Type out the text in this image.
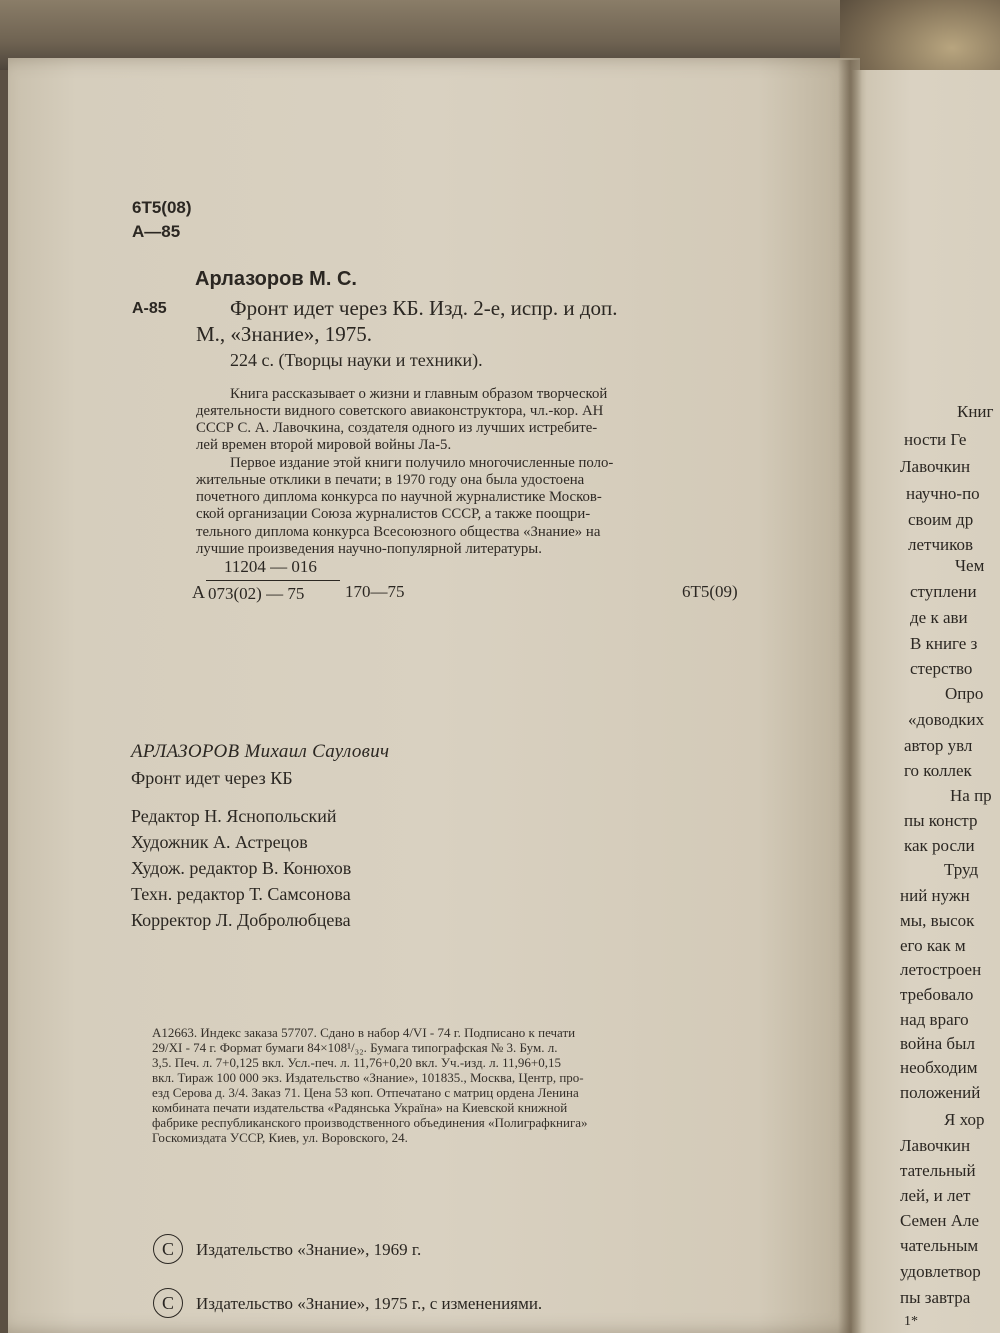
6Т5(08)
А—85
А-85
Арлазоров М. С.
Фронт идет через КБ. Изд. 2-е, испр. и доп.
М., «Знание», 1975.
224 с. (Творцы науки и техники).
Книга рассказывает о жизни и главным образом творческой
деятельности видного советского авиаконструктора, чл.-кор. АН
СССР С. А. Лавочкина, создателя одного из лучших истребите-
лей времен второй мировой войны Ла-5.
Первое издание этой книги получило многочисленные поло-
жительные отклики в печати; в 1970 году она была удостоена
почетного диплома конкурса по научной журналистике Москов-
ской организации Союза журналистов СССР, а также поощри-
тельного диплома конкурса Всесоюзного общества «Знание» на
лучшие произведения научно-популярной литературы.
А
11204 — 016
073(02) — 75 170—75	6Т5(09)
АРЛАЗОРОВ Михаил Саулович
Фронт идет через КБ
Редактор Н. Яснопольский
Художник А. Астрецов
Худож. редактор В. Конюхов
Техн. редактор Т. Самсонова
Корректор Л. Добролюбцева
А12663. Индекс заказа 57707. Сдано в набор 4/VI - 74 г. Подписано к печати
29/XI - 74 г. Формат бумаги 84×108¹/₃₂. Бумага типографская № 3. Бум. л.
3,5. Печ. л. 7+0,125 вкл. Усл.-печ. л. 11,76+0,20 вкл. Уч.-изд. л. 11,96+0,15
вкл. Тираж 100 000 экз. Издательство «Знание», 101835., Москва, Центр, про-
езд Серова д. 3/4. Заказ 71. Цена 53 коп. Отпечатано с матриц ордена Ленина
комбината печати издательства «Радянська Україна» на Киевской книжной
фабрике республиканского производственного объединения «Полиграфкнига»
Госкомиздата УССР, Киев, ул. Воровского, 24.
C	Издательство «Знание», 1969 г.
C	Издательство «Знание», 1975 г., с изменениями.
Книг
ности Ге
Лавочкин
научно-по
своим др
летчиков
Чем
ступлени
де к ави
В книге з
стерство
Опро
«доводких
автор увл
го коллек
На пр
пы констр
как росли
Труд
ний нужн
мы, высок
его как м
летостроен
требовало
над враго
война был
необходим
положений
Я хор
Лавочкин
тательный
лей, и лет
Семен Але
чательным
удовлетвор
пы завтра
1*
